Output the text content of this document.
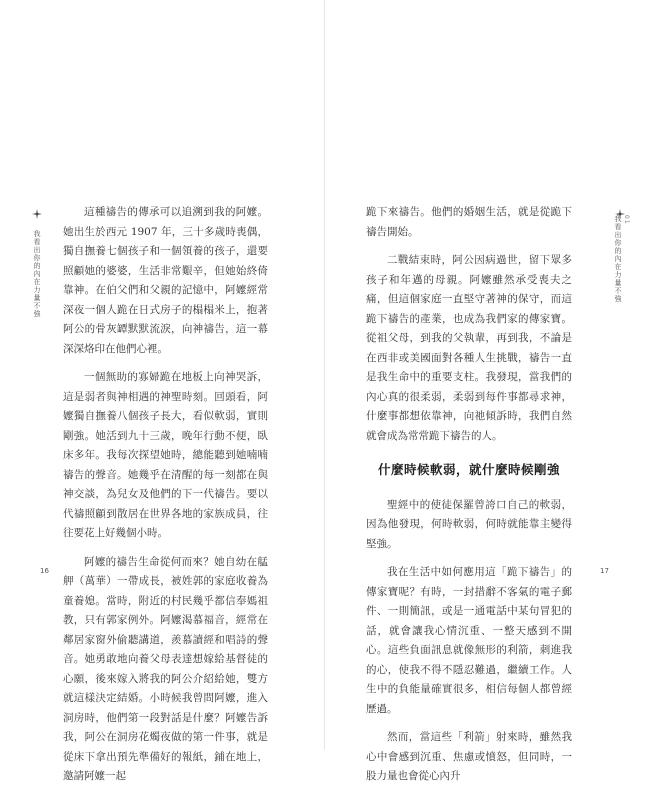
我看出你的內在力量不強
01
我看出你的內在力量不強

這種禱告的傳承可以追溯到我的阿嬤。她出生於西元 1907 年，三十多歲時喪偶，獨自撫養七個孩子和一個領養的孩子，還要照顧她的婆婆，生活非常艱辛，但她始終倚靠神。在伯父們和父親的記憶中，阿嬤經常深夜一個人跪在日式房子的榻榻米上，抱著阿公的骨灰罈默默流淚，向神禱告，這一幕深深烙印在他們心裡。

一個無助的寡婦跪在地板上向神哭訴，這是弱者與神相遇的神聖時刻。回頭看，阿嬤獨自撫養八個孩子長大，看似軟弱，實則剛強。她活到九十三歲，晚年行動不便，臥床多年。我每次探望她時，總能聽到她喃喃禱告的聲音。她幾乎在清醒的每一刻都在與神交談，為兒女及他們的下一代禱告。要以代禱照顧到散居在世界各地的家族成員，往往要花上好幾個小時。

阿嬤的禱告生命從何而來？她自幼在艋舺（萬華）一帶成長，被姓郭的家庭收養為童養媳。當時，附近的村民幾乎都信奉媽祖教，只有郭家例外。阿嬤渴慕福音，經常在鄰居家窗外偷聽講道，羨慕讀經和唱詩的聲音。她勇敢地向養父母表達想嫁給基督徒的心願，後來嫁入將我的阿公介紹給她，雙方就這樣決定結婚。小時候我曾問阿嬤，進入洞房時，他們第一段對話是什麼？阿嬤告訴我，阿公在洞房花燭夜做的第一件事，就是從床下拿出預先準備好的報紙，鋪在地上，邀請阿嬤一起

跪下來禱告。他們的婚姻生活，就是從跪下禱告開始。

二戰結束時，阿公因病過世，留下眾多孩子和年邁的母親。阿嬤雖然承受喪夫之痛，但這個家庭一直堅守著神的保守，而這跪下禱告的產業，也成為我們家的傳家寶。從祖父母，到我的父執輩，再到我，不論是在西非或美國面對各種人生挑戰，禱告一直是我生命中的重要支柱。我發現，當我們的內心真的很柔弱，柔弱到每件事都尋求神，什麼事都想依靠神，向祂傾訴時，我們自然就會成為常常跪下禱告的人。

什麼時候軟弱，就什麼時候剛強

聖經中的使徒保羅曾誇口自己的軟弱，因為他發現，何時軟弱，何時就能靠主變得堅強。

我在生活中如何應用這「跪下禱告」的傳家寶呢？有時，一封措辭不客氣的電子郵件、一則簡訊，或是一通電話中某句冒犯的話，就會讓我心情沉重、一整天感到不開心。這些負面訊息就像無形的利箭，刺進我的心，使我不得不隱忍難過，繼續工作。人生中的負能量確實很多，相信每個人都曾經歷過。

然而，當這些「利箭」射來時，雖然我心中會感到沉重、焦慮或憤怒，但同時，一股力量也會從心內升

16	17
